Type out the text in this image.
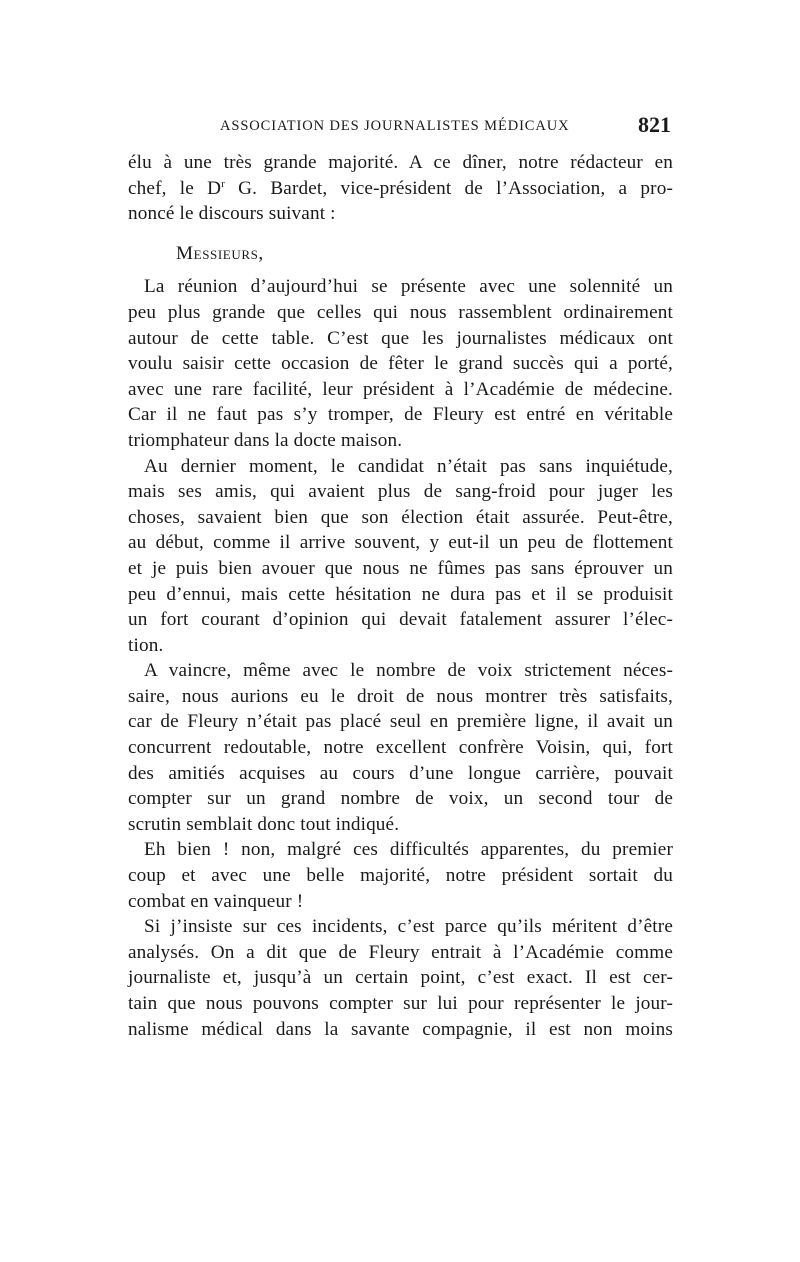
ASSOCIATION DES JOURNALISTES MÉDICAUX	821
élu à une très grande majorité. A ce dîner, notre rédacteur en
chef, le $D^r$ G. Bardet, vice-président de l’Association, a pro-
noncé le discours suivant :
Messieurs,
La réunion d’aujourd’hui se présente avec une solennité un
peu plus grande que celles qui nous rassemblent ordinairement
autour de cette table. C’est que les journalistes médicaux ont
voulu saisir cette occasion de fêter le grand succès qui a porté,
avec une rare facilité, leur président à l’Académie de médecine.
Car il ne faut pas s’y tromper, de Fleury est entré en véritable
triomphateur dans la docte maison.
Au dernier moment, le candidat n’était pas sans inquiétude,
mais ses amis, qui avaient plus de sang-froid pour juger les
choses, savaient bien que son élection était assurée. Peut-être,
au début, comme il arrive souvent, y eut-il un peu de flottement
et je puis bien avouer que nous ne fûmes pas sans éprouver un
peu d’ennui, mais cette hésitation ne dura pas et il se produisit
un fort courant d’opinion qui devait fatalement assurer l’élec-
tion.
A vaincre, même avec le nombre de voix strictement néces-
saire, nous aurions eu le droit de nous montrer très satisfaits,
car de Fleury n’était pas placé seul en première ligne, il avait un
concurrent redoutable, notre excellent confrère Voisin, qui, fort
des amitiés acquises au cours d’une longue carrière, pouvait
compter sur un grand nombre de voix, un second tour de
scrutin semblait donc tout indiqué.
Eh bien ! non, malgré ces difficultés apparentes, du premier
coup et avec une belle majorité, notre président sortait du
combat en vainqueur !
Si j’insiste sur ces incidents, c’est parce qu’ils méritent d’être
analysés. On a dit que de Fleury entrait à l’Académie comme
journaliste et, jusqu’à un certain point, c’est exact. Il est cer-
tain que nous pouvons compter sur lui pour représenter le jour-
nalisme médical dans la savante compagnie, il est non moins
